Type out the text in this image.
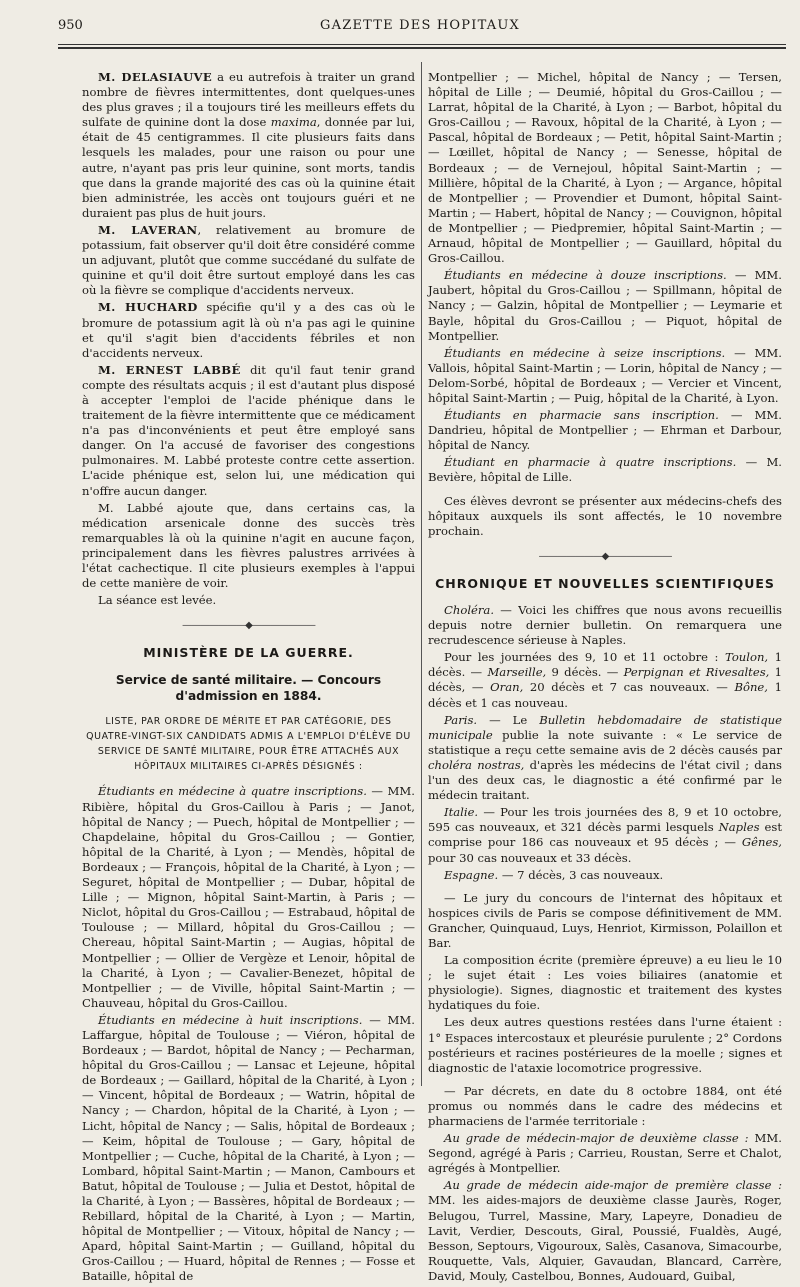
950	GAZETTE DES HOPITAUX

M. DELASIAUVE a eu autrefois à traiter un grand nombre de fièvres intermittentes, dont quelques-unes des plus graves ; il a toujours tiré les meilleurs effets du sulfate de quinine dont la dose maxima, donnée par lui, était de 45 centigrammes. Il cite plusieurs faits dans lesquels les malades, pour une raison ou pour une autre, n'ayant pas pris leur quinine, sont morts, tandis que dans la grande majorité des cas où la quinine était bien administrée, les accès ont toujours guéri et ne duraient pas plus de huit jours.

M. LAVERAN, relativement au bromure de potassium, fait observer qu'il doit être considéré comme un adjuvant, plutôt que comme succédané du sulfate de quinine et qu'il doit être surtout employé dans les cas où la fièvre se complique d'accidents nerveux.

M. HUCHARD spécifie qu'il y a des cas où le bromure de potassium agit là où n'a pas agi le quinine et qu'il s'agit bien d'accidents fébriles et non d'accidents nerveux.

M. ERNEST LABBÉ dit qu'il faut tenir grand compte des résultats acquis ; il est d'autant plus disposé à accepter l'emploi de l'acide phénique dans le traitement de la fièvre intermittente que ce médicament n'a pas d'inconvénients et peut être employé sans danger. On l'a accusé de favoriser des congestions pulmonaires. M. Labbé proteste contre cette assertion. L'acide phénique est, selon lui, une médication qui n'offre aucun danger.

M. Labbé ajoute que, dans certains cas, la médication arsenicale donne des succès très remarquables là où la quinine n'agit en aucune façon, principalement dans les fièvres palustres arrivées à l'état cachectique. Il cite plusieurs exemples à l'appui de cette manière de voir.

La séance est levée.

———————◆———————
MINISTÈRE DE LA GUERRE.
Service de santé militaire. — Concours d'admission en 1884.
LISTE, PAR ORDRE DE MÉRITE ET PAR CATÉGORIE, DES QUATRE-VINGT-SIX CANDIDATS ADMIS A L'EMPLOI D'ÉLÈVE DU SERVICE DE SANTÉ MILITAIRE, POUR ÊTRE ATTACHÉS AUX HÔPITAUX MILITAIRES CI-APRÈS DÉSIGNÉS :

Étudiants en médecine à quatre inscriptions. — MM. Ribière, hôpital du Gros-Caillou à Paris ; — Janot, hôpital de Nancy ; — Puech, hôpital de Montpellier ; — Chapdelaine, hôpital du Gros-Caillou ; — Gontier, hôpital de la Charité, à Lyon ; — Mendès, hôpital de Bordeaux ; — François, hôpital de la Charité, à Lyon ; — Seguret, hôpital de Montpellier ; — Dubar, hôpital de Lille ; — Mignon, hôpital Saint-Martin, à Paris ; — Niclot, hôpital du Gros-Caillou ; — Estrabaud, hôpital de Toulouse ; — Millard, hôpital du Gros-Caillou ; — Chereau, hôpital Saint-Martin ; — Augias, hôpital de Montpellier ; — Ollier de Vergèze et Lenoir, hôpital de la Charité, à Lyon ; — Cavalier-Benezet, hôpital de Montpellier ; — de Viville, hôpital Saint-Martin ; — Chauveau, hôpital du Gros-Caillou.

Étudiants en médecine à huit inscriptions. — MM. Laffargue, hôpital de Toulouse ; — Viéron, hôpital de Bordeaux ; — Bardot, hôpital de Nancy ; — Pecharman, hôpital du Gros-Caillou ; — Lansac et Lejeune, hôpital de Bordeaux ; — Gaillard, hôpital de la Charité, à Lyon ; — Vincent, hôpital de Bordeaux ; — Watrin, hôpital de Nancy ; — Chardon, hôpital de la Charité, à Lyon ; — Licht, hôpital de Nancy ; — Salis, hôpital de Bordeaux ; — Keim, hôpital de Toulouse ; — Gary, hôpital de Montpellier ; — Cuche, hôpital de la Charité, à Lyon ; — Lombard, hôpital Saint-Martin ; — Manon, Cambours et Batut, hôpital de Toulouse ; — Julia et Destot, hôpital de la Charité, à Lyon ; — Bassères, hôpital de Bordeaux ; — Rebillard, hôpital de la Charité, à Lyon ; — Martin, hôpital de Montpellier ; — Vitoux, hôpital de Nancy ; — Apard, hôpital Saint-Martin ; — Guilland, hôpital du Gros-Caillou ; — Huard, hôpital de Rennes ; — Fosse et Bataille, hôpital de

Montpellier ; — Michel, hôpital de Nancy ; — Tersen, hôpital de Lille ; — Deumié, hôpital du Gros-Caillou ; — Larrat, hôpital de la Charité, à Lyon ; — Barbot, hôpital du Gros-Caillou ; — Ravoux, hôpital de la Charité, à Lyon ; — Pascal, hôpital de Bordeaux ; — Petit, hôpital Saint-Martin ; — Lœillet, hôpital de Nancy ; — Senesse, hôpital de Bordeaux ; — de Vernejoul, hôpital Saint-Martin ; — Millière, hôpital de la Charité, à Lyon ; — Argance, hôpital de Montpellier ; — Provendier et Dumont, hôpital Saint-Martin ; — Habert, hôpital de Nancy ; — Couvignon, hôpital de Montpellier ; — Piedpremier, hôpital Saint-Martin ; — Arnaud, hôpital de Montpellier ; — Gauillard, hôpital du Gros-Caillou.

Étudiants en médecine à douze inscriptions. — MM. Jaubert, hôpital du Gros-Caillou ; — Spillmann, hôpital de Nancy ; — Galzin, hôpital de Montpellier ; — Leymarie et Bayle, hôpital du Gros-Caillou ; — Piquot, hôpital de Montpellier.

Étudiants en médecine à seize inscriptions. — MM. Vallois, hôpital Saint-Martin ; — Lorin, hôpital de Nancy ; — Delom-Sorbé, hôpital de Bordeaux ; — Vercier et Vincent, hôpital Saint-Martin ; — Puig, hôpital de la Charité, à Lyon.

Étudiants en pharmacie sans inscription. — MM. Dandrieu, hôpital de Montpellier ; — Ehrman et Darbour, hôpital de Nancy.

Étudiant en pharmacie à quatre inscriptions. — M. Bevière, hôpital de Lille.

Ces élèves devront se présenter aux médecins-chefs des hôpitaux auxquels ils sont affectés, le 10 novembre prochain.

———————◆———————
CHRONIQUE ET NOUVELLES SCIENTIFIQUES

Choléra. — Voici les chiffres que nous avons recueillis depuis notre dernier bulletin. On remarquera une recrudescence sérieuse à Naples.

Pour les journées des 9, 10 et 11 octobre : Toulon, 1 décès. — Marseille, 9 décès. — Perpignan et Rivesaltes, 1 décès, — Oran, 20 décès et 7 cas nouveaux. — Bône, 1 décès et 1 cas nouveau.

Paris. — Le Bulletin hebdomadaire de statistique municipale publie la note suivante : « Le service de statistique a reçu cette semaine avis de 2 décès causés par choléra nostras, d'après les médecins de l'état civil ; dans l'un des deux cas, le diagnostic a été confirmé par le médecin traitant.

Italie. — Pour les trois journées des 8, 9 et 10 octobre, 595 cas nouveaux, et 321 décès parmi lesquels Naples est comprise pour 186 cas nouveaux et 95 décès ; — Gênes, pour 30 cas nouveaux et 33 décès.

Espagne. — 7 décès, 3 cas nouveaux.

— Le jury du concours de l'internat des hôpitaux et hospices civils de Paris se compose définitivement de MM. Grancher, Quinquaud, Luys, Henriot, Kirmisson, Polaillon et Bar.

La composition écrite (première épreuve) a eu lieu le 10 ; le sujet était : Les voies biliaires (anatomie et physiologie). Signes, diagnostic et traitement des kystes hydatiques du foie.

Les deux autres questions restées dans l'urne étaient : 1° Espaces intercostaux et pleurésie purulente ; 2° Cordons postérieurs et racines postérieures de la moelle ; signes et diagnostic de l'ataxie locomotrice progressive.

— Par décrets, en date du 8 octobre 1884, ont été promus ou nommés dans le cadre des médecins et pharmaciens de l'armée territoriale :

Au grade de médecin-major de deuxième classe : MM. Segond, agrégé à Paris ; Carrieu, Roustan, Serre et Chalot, agrégés à Montpellier.

Au grade de médecin aide-major de première classe : MM. les aides-majors de deuxième classe Jaurès, Roger, Belugou, Turrel, Massine, Mary, Lapeyre, Donadieu de Lavit, Verdier, Descouts, Giral, Poussié, Fualdès, Augé, Besson, Septours, Vigouroux, Salès, Casanova, Simacourbe, Rouquette, Vals, Alquier, Gavaudan, Blancard, Carrère, David, Mouly, Castelbou, Bonnes, Audouard, Guibal,
